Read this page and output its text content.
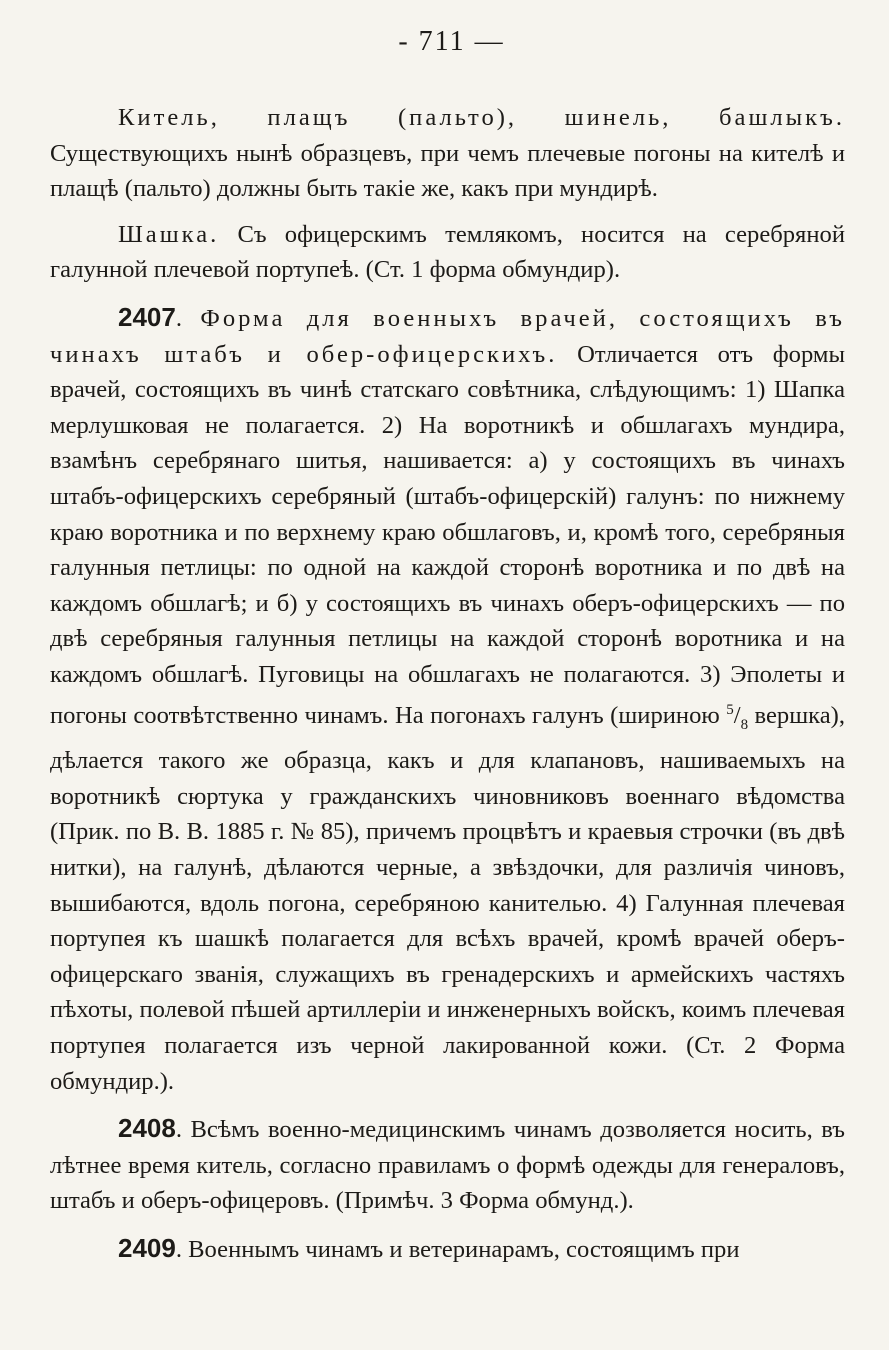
- 711 —

Китель, плащъ (пальто), шинель, башлыкъ. Существующихъ нынѣ образцевъ, при чемъ плечевые погоны на кителѣ и плащѣ (пальто) должны быть такіе же, какъ при мундирѣ.

Шашка. Съ офицерскимъ темлякомъ, носится на серебряной галунной плечевой портупеѣ. (Ст. 1 форма обмундир).

2407. Форма для военныхъ врачей, состоящихъ въ чинахъ штабъ и обер-офицерскихъ. Отличается отъ формы врачей, состоящихъ въ чинѣ статскаго совѣтника, слѣдующимъ: 1) Шапка мерлушковая не полагается. 2) На воротникѣ и обшлагахъ мундира, взамѣнъ серебрянаго шитья, нашивается: а) у состоящихъ въ чинахъ штабъ-офицерскихъ серебряный (штабъ-офицерскій) галунъ: по нижнему краю воротника и по верхнему краю обшлаговъ, и, кромѣ того, серебряныя галунныя петлицы: по одной на каждой сторонѣ воротника и по двѣ на каждомъ обшлагѣ; и б) у состоящихъ въ чинахъ оберъ-офицерскихъ — по двѣ серебряныя галунныя петлицы на каждой сторонѣ воротника и на каждомъ обшлагѣ. Пуговицы на обшлагахъ не полагаются. 3) Эполеты и погоны соотвѣтственно чинамъ. На погонахъ галунъ (шириною $^5/_8$ вершка), дѣлается такого же образца, какъ и для клапановъ, нашиваемыхъ на воротникѣ сюртука у гражданскихъ чиновниковъ военнаго вѣдомства (Прик. по В. В. 1885 г. № 85), причемъ процвѣтъ и краевыя строчки (въ двѣ нитки), на галунѣ, дѣлаются черные, а звѣздочки, для различія чиновъ, вышибаются, вдоль погона, серебряною канителью. 4) Галунная плечевая портупея къ шашкѣ полагается для всѣхъ врачей, кромѣ врачей оберъ-офицерскаго званія, служащихъ въ гренадерскихъ и армейскихъ частяхъ пѣхоты, полевой пѣшей артиллеріи и инженерныхъ войскъ, коимъ плечевая портупея полагается изъ черной лакированной кожи. (Ст. 2 Форма обмундир.).

2408. Всѣмъ военно-медицинскимъ чинамъ дозволяется носить, въ лѣтнее время китель, согласно правиламъ о формѣ одежды для генераловъ, штабъ и оберъ-офицеровъ. (Примѣч. 3 Форма обмунд.).

2409. Военнымъ чинамъ и ветеринарамъ, состоящимъ при
